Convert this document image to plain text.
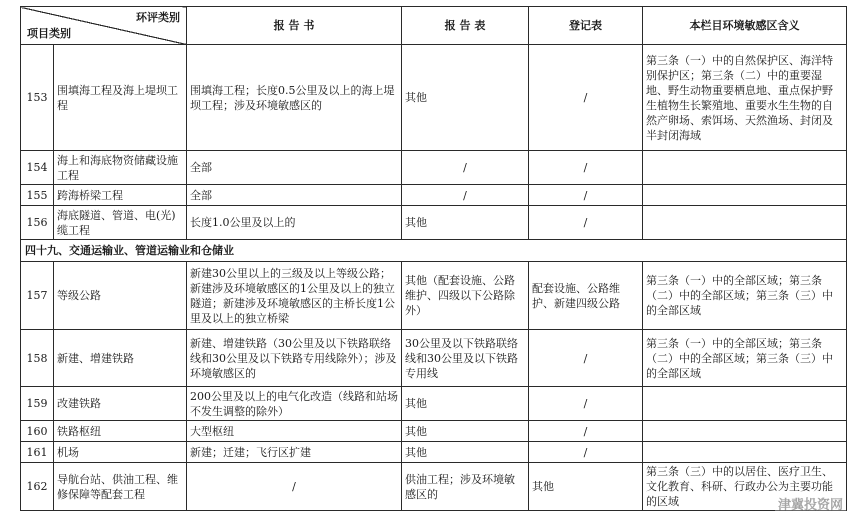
环评类别
项目类别		报 告 书	报 告 表	登记表	本栏目环境敏感区含义
153	围填海工程及海上堤坝工程	围填海工程；长度0.5公里及以上的海上堤坝工程；涉及环境敏感区的	其他	/	第三条（一）中的自然保护区、海洋特别保护区；第三条（二）中的重要湿地、野生动物重要栖息地、重点保护野生植物生长繁殖地、重要水生生物的自然产卵场、索饵场、天然渔场、封闭及半封闭海域
154	海上和海底物资储藏设施工程	全部	/	/	
155	跨海桥梁工程	全部	/	/	
156	海底隧道、管道、电(光)缆工程	长度1.0公里及以上的	其他	/	
四十九、交通运输业、管道运输业和仓储业					
157	等级公路	新建30公里以上的三级及以上等级公路；新建涉及环境敏感区的1公里及以上的独立隧道；新建涉及环境敏感区的主桥长度1公里及以上的独立桥梁	其他（配套设施、公路维护、四级以下公路除外）	配套设施、公路维护、新建四级公路	第三条（一）中的全部区域；第三条（二）中的全部区域；第三条（三）中的全部区域
158	新建、增建铁路	新建、增建铁路（30公里及以下铁路联络线和30公里及以下铁路专用线除外）；涉及环境敏感区的	30公里及以下铁路联络线和30公里及以下铁路专用线	/	第三条（一）中的全部区域；第三条（二）中的全部区域；第三条（三）中的全部区域
159	改建铁路	200公里及以上的电气化改造（线路和站场不发生调整的除外）	其他	/	
160	铁路枢纽	大型枢纽	其他	/	
161	机场	新建；迁建；飞行区扩建	其他	/	
162	导航台站、供油工程、维修保障等配套工程	/	供油工程；涉及环境敏感区的	其他	第三条（三）中的以居住、医疗卫生、文化教育、科研、行政办公为主要功能的区域	津冀投资网
